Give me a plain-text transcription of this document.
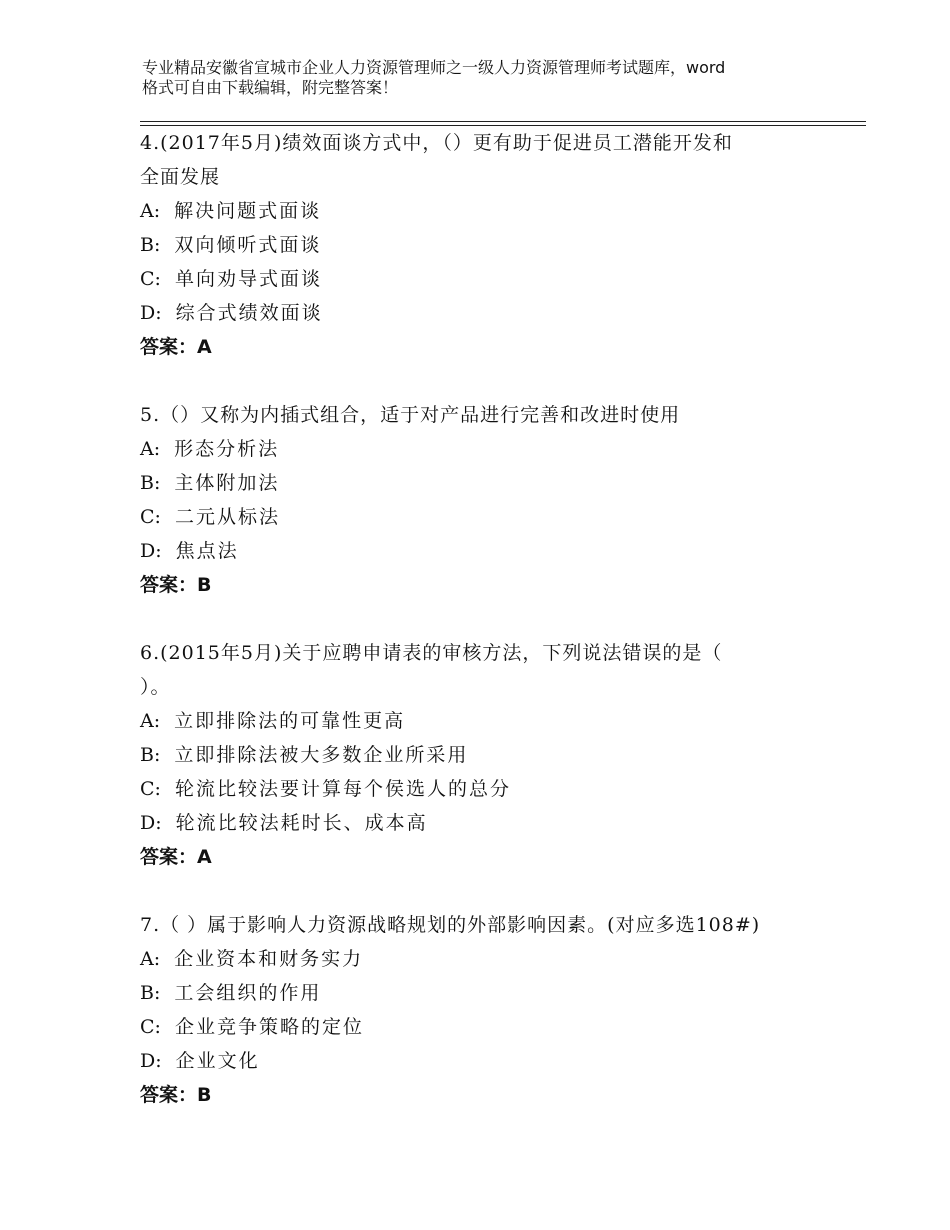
专业精品安徽省宣城市企业人力资源管理师之一级人力资源管理师考试题库，word
格式可自由下载编辑，附完整答案！
4.(2017年5月)绩效面谈方式中，（）更有助于促进员工潜能开发和
全面发展
A: 解决问题式面谈
B: 双向倾听式面谈
C: 单向劝导式面谈
D: 综合式绩效面谈
答案：A
5.（）又称为内插式组合，适于对产品进行完善和改进时使用
A: 形态分析法
B: 主体附加法
C: 二元从标法
D: 焦点法
答案：B
6.(2015年5月)关于应聘申请表的审核方法，下列说法错误的是（
）。
A: 立即排除法的可靠性更高
B: 立即排除法被大多数企业所采用
C: 轮流比较法要计算每个侯选人的总分
D: 轮流比较法耗时长、成本高
答案：A
7.（ ）属于影响人力资源战略规划的外部影响因素。(对应多选108#)
A: 企业资本和财务实力
B: 工会组织的作用
C: 企业竞争策略的定位
D: 企业文化
答案：B
